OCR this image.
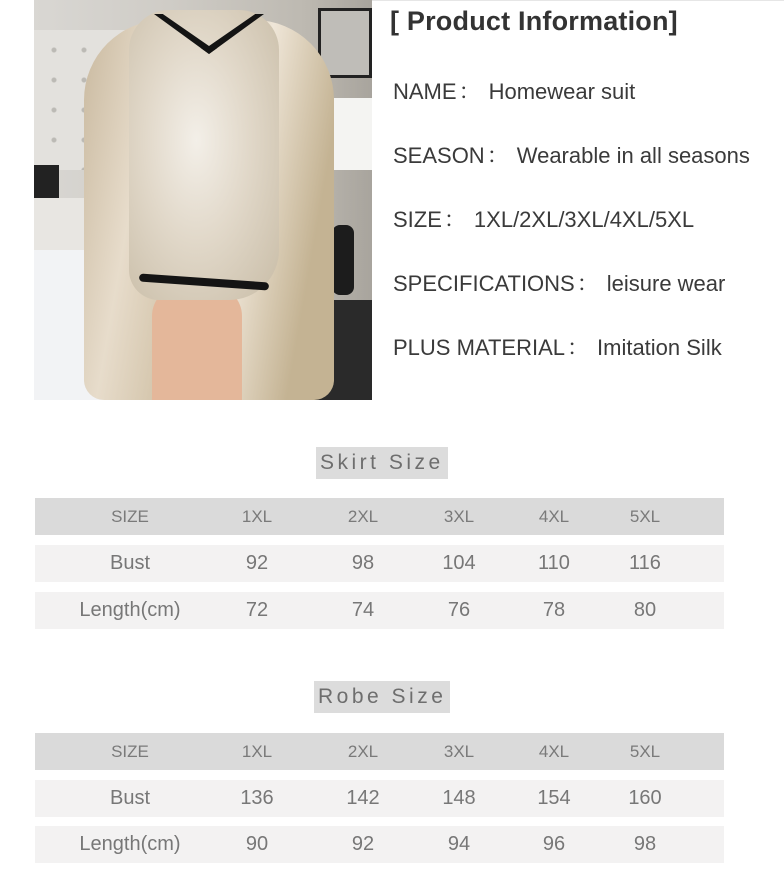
[ Product Information]
NAME： Homewear suit
SEASON： Wearable in all seasons
SIZE： 1XL/2XL/3XL/4XL/5XL
SPECIFICATIONS： leisure wear
PLUS MATERIAL： Imitation Silk
Skirt Size
SIZE	1XL	2XL	3XL	4XL	5XL
Bust	92	98	104	110	116
Length(cm)	72	74	76	78	80
Robe Size
SIZE	1XL	2XL	3XL	4XL	5XL
Bust	136	142	148	154	160
Length(cm)	90	92	94	96	98
